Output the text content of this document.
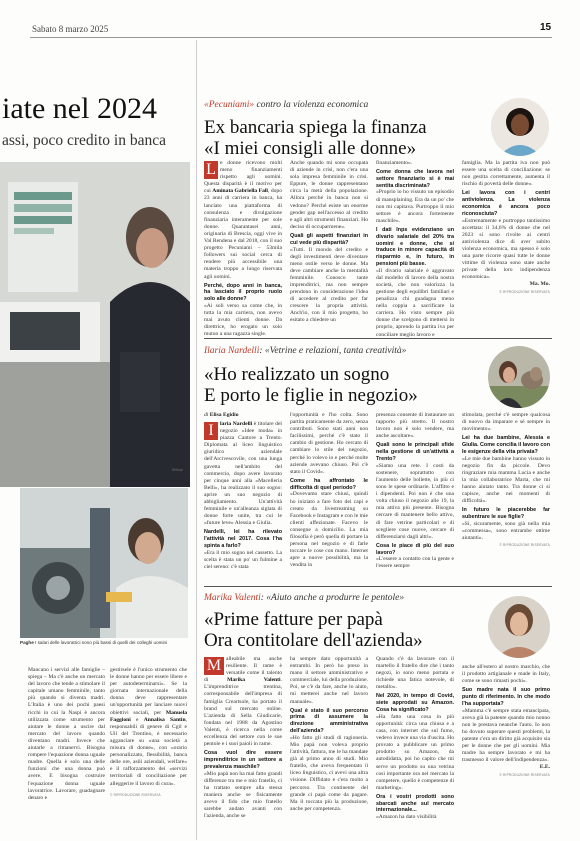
Sabato 8 marzo 2025	15
iate nel 2024
assi, poco credito in banca
Withub
Paghe I salari delle lavoratrici sono più bassi di quelli dei colleghi uomini
Mancano i servizi alle famiglie – spiega – Ma c'è anche un mercato del lavoro che tende a stimolare il capitale umano femminile, tanto più quando si diventa madri. L'Italia è uno dei pochi paesi ricchi in cui la Naspi è ancora utilizzata come strumento per aiutare le donne a uscire dal mercato del lavoro quando diventano madri. Invece che aiutarle a rimanervi. Bisogna rompere l'equazione donna uguale madre. Quella è solo una delle funzioni che una donna può avere. E bisogna costruire l'equazione donna uguale lavoratrice. Lavorare, guadagnare denaro e
gestirsele è l'unico strumento che le donne hanno per essere libere e per autodeterminarsi». Se la giornata internazionale della donna deve rappresentare un'opportunità per lanciare nuovi obiettivi sociali, per Manuela Faggioni e Annalisa Santin, responsabili di genere di Cgil e Uil del Trentino, è necessario agganciare su «una società a misura di donne», con «orario personalizzato, flessibilità, banca delle ore, asili aziendali, welfare» e il rafforzamento dei «servizi territoriali di conciliazione per alleggerire il lavoro di cura».
© RIPRODUZIONE RISERVATA
«Pecuniami» contro la violenza economica
Ex bancaria spiega la finanza
«I miei consigli alle donne»
L e donne ricevono molti meno finanziamenti rispetto agli uomini. Questa disparità è il motivo per cui Aminata Gabriella Fall, dopo 23 anni di carriera in banca, ha lanciato una piattaforma di consulenza e divulgazione finanziaria interamente per sole donne. Quarantasei anni, originaria di Brescia, oggi vive in Val Rendena e dal 2018, con il suo progetto Pecuniami – 53mila followers sui social cerca di rendere più accessibile una materia troppo a lungo riservata agli uomini.
Perché, dopo anni in banca, ha lasciato il proprio ruolo solo alle donne?
«Ai soli verso sa come che, in tutta la mia carriera, non avevo mai avuto clienti donne. Da direttrice, ho erogato un solo mutuo a una ragazza single.
Anche quando mi sono occupata di aziende in crisi, non c'era una sola impresa femminile in crisi. Eppure, le donne rappresentano circa la metà della popolazione. Allora perché in banca non si vedono? Perché esiste un enorme gender gap nell'accesso al credito e agli altri strumenti finanziari. Ho deciso di occuparmene».
Quali gli aspetti finanziari in cui vede più disparità?
«Tutti. Il mondo del credito e degli investimenti deve diventare meno ostile verso le donne. Ma deve cambiare anche la mentalità femminile. Conosco tante imprenditrici, ma non sempre prendono in considerazione l'idea di accedere al credito per far crescere la propria attività. Anch'io, con il mio progetto, ho esitato a chiedere un
finanziamento».
Come donna che lavora nel settore finanziario si è mai sentita discriminata?
«Proprio io ho vissuto un episodio di mansplaining. Era da un po' che non mi capitava. Purtroppo il mio settore è ancora fortemente maschile».
I dati Inps evidenziano un divario salariale del 20% tra uomini e donne, che si traduce in minore capacità di risparmio e, in futuro, in pensioni più basse.
«Il divario salariale è aggravato dal modello di lavoro della nostra società, che non valorizza la gestione degli equilibri familiari e penalizza chi guadagna meno nella coppia a sacrificare la carriera. Ho visto sempre più donne che scelgono di mettersi in proprio, aprendo la partita iva per conciliare meglio lavoro e
famiglia. Ma la partita iva non può essere una scelta di conciliazione: se non gestita correttamente, aumenta il rischio di povertà delle donne».
Lei lavora con i centri antiviolenza. La violenza economica è ancora poco riconosciuta?
«Estremamente e purtroppo tantissimo accettata: il 34,6% di donne che nel 2023 si sono rivolte ai centri antiviolenza dice di aver subito violenza economica, ma spesso è solo una parte ricorre quasi tutte le donne vittime di violenza sono state anche private della loro indipendenza economica».
Ma. Mo.
© RIPRODUZIONE RISERVATA
Ilaria Nardelli: «Vetrine e relazioni, tanta creatività»
«Ho realizzato un sogno
E porto le figlie in negozio»
di Elisa Egidio
I	laria Nardelli è titolare del negozio «Idee moda» in piazza Cantore a Trento. Diplomata al liceo linguistico giuridico aziendale dell'Arcivescovile, con una lunga gavetta nell'ambito del commercio, dopo avere lavorato per cinque anni alla «Macelleria Belli», ha realizzato il suo sogno: aprire un suo negozio di abbigliamento. Un'attività femminile e un'alleanza siglata di donne forte unite, tra cui le «future leve» Alessia e Giulia.
Nardelli, lei ha rilevato l'attività nel 2017. Cosa l'ha spinta a farlo?
«Era il mio sogno nel cassetto. La scelta è stata un po' un fulmine a ciel sereno: c'è stata
l'opportunità e l'ho colta. Sono partita praticamente da zero, senza contributi. Sono stati anni non facilissimi, perché c'è stato il cambio di gestione. Ho cercato di cambiare lo stile del negozio, perché lo volevo io e perché molte aziende avevano chiuso. Poi c'è stato il Covid».
Come ha affrontato le difficoltà di quel periodo?
«Dovevamo stare chiusi, quindi ho iniziato a fare foto dei capi e creato da livestreaming su Facebook e Instagram e con le mie clienti affezionate. Facevo le consegne a domicilio. La mia filosofia è però quella di portare la persona nel negozio e di farle toccare le cose con mano. Internet apre a nuove possibilità, ma la vendita in
presenza consente di instaurare un rapporto più stretto. Il nostro lavoro non è solo vendere, ma anche ascoltare».
Quali sono le principali sfide nella gestione di un'attività a Trento?
«Siamo una rete. I costi da sostenere, soprattutto con l'aumento delle bollette, in più ci sono le spese ordinarie. L'affitto e i dipendenti. Poi non è che una volta chiuso il negozio alle 19, la mia attiva più presente. Bisogna cercare di mantenere bello attivo, di fare vetrine particolari e di scegliere cose nuove, cercare di differenziarsi dagli altri».
Cosa le piace di più del suo lavoro?
«L'essere a contatto con la gente e l'essere sempre
stimolata, perché c'è sempre qualcosa di nuovo da imparare e sé sempre in movimento».
Lei ha due bambine, Alessia e Giulia. Come concilia il lavoro con le esigenze della vita privata?
«Le mie due bambine hanno vissuto in negozio fin da piccole. Devo ringraziare mia mamma Lucia e anche la mia collaboratrice Marta, che mi hanno aiutato tanto. Tra donne ci si capisce, anche nei momenti di difficoltà».
In futuro le piacerebbe far subentrare le sue figlie?
«Sì, sicuramente, sono già nella mia «commessa», sono entrambe ottime aiutanti».
© RIPRODUZIONE RISERVATA
Marika Valenti: «Aiuto anche a produrre le pentole»
«Prime fatture per papà
Ora contitolare dell'azienda»
M alleabile ma anche resiliente. Il rame è versatile come il talento di Marika Valenti. L'imprenditrice trentina, corresponsabile dell'impresa di famiglia Creartsole, ha portato il brand sul mercato online. L'azienda di Sella Giudicarie, fondata nel 1988 da Agostino Valenti, è ricerca nella come eccellenza del settore con le sue pentole e i suoi paioli in rame.
Cosa vuol dire essere imprenditrice in un settore a prevalenza maschile?
«Mio papà non ha mai fatto grandi differenze tra me e mio fratello, ci ha trattato sempre alla stessa maniera anche se fisicamente avevo il fido che mio fratello sarebbe andato avanti con l'azienda, anche se
ha sempre dato opportunità a entrambi. In però ho preso in mano il settore amministrativo e commerciale, lui della produzione. Poi, se c'è da fare, anche lo aiuto, mi metterei anche nel lavoro manuale».
Qual è stato il suo percorso prima di assumere la direzione amministrativa dell'azienda?
«Ho fatto gli studi di ragioneria. Mio papà non voleva proprio l'attività, fattura, me le ha mandate già al primo anno di studi. Mio fratello, che aveva frequentato il liceo linguistico, ci avevi una altra visione. Diffidato e c'era molto a percorso. Tra continente del grande ci papà come da pagare. Ma il toccata più la produzione, anche per competenza.
Quando c'è da lavorare con il martello il fratello dire che i tanto negozi, io sono meno portata e richiede una fatica notevole, di metallo».
Nel 2020, in tempo di Covid, siete approdati su Amazon. Cosa ha significato?
«Ha fatto una cosa in più opportunità: circa una chiusa e a casa, con internet che sul fumo, vedevo invece una via d'uscita. Ho provato a pubblicare un primo prodotto su Amazon, da autodidatta, poi ho capito che mi serve un prodotto su una vetrina così importante ora nel mercato la competere, quello è competenze di marketing».
Ora i vostri prodotti sono sbarcati anche sul mercato internazionale...
«Amazon ha dato visibilità
anche all'estero al nostro marchio, che il prodotto artigianale e made in Italy, come se sono rimasti pochi».
Suo madre nata il suo primo punto di riferimento. In che modo l'ha supportata?
«Mamma c'è sempre stata emancipata, aveva già la patente quando mio nonno non le prestava neanche l'auto. Io non ho dovuto superare questi problemi, la patente c'era un diritto già acquisito sia per le donne che per gli uomini. Mia madre ha sempre lavorato e mi ha trasmesso il valore dell'indipendenza».
E.E.
© RIPRODUZIONE RISERVATA
